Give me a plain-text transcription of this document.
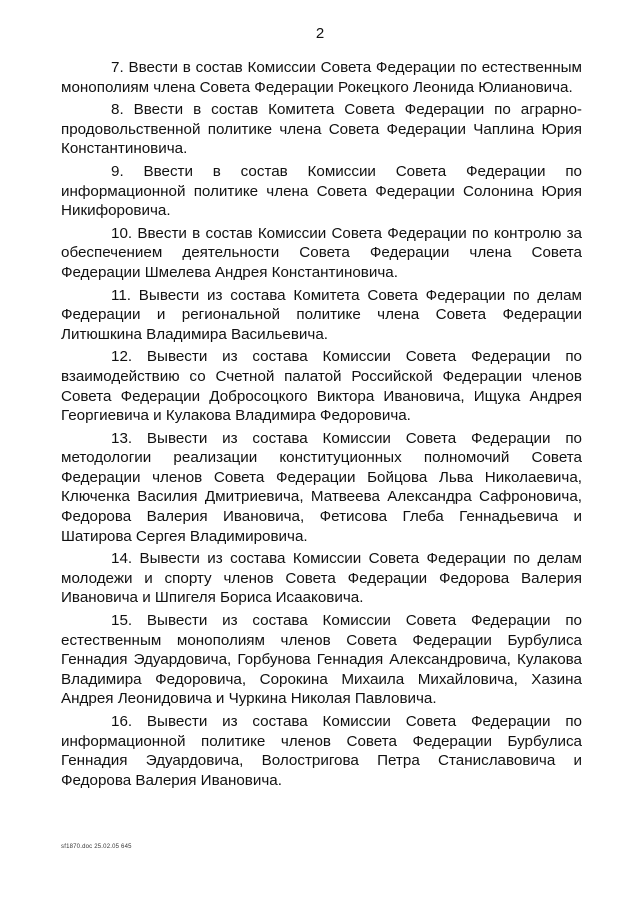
2

7. Ввести в состав Комиссии Совета Федерации по естественным монополиям члена Совета Федерации Рокецкого Леонида Юлиановича.

8. Ввести в состав Комитета Совета Федерации по аграрно-продовольственной политике члена Совета Федерации Чаплина Юрия Константиновича.

9. Ввести в состав Комиссии Совета Федерации по информационной политике члена Совета Федерации Солонина Юрия Никифоровича.

10. Ввести в состав Комиссии Совета Федерации по контролю за обеспечением деятельности Совета Федерации члена Совета Федерации Шмелева Андрея Константиновича.

11. Вывести из состава Комитета Совета Федерации по делам Федерации и региональной политике члена Совета Федерации Литюшкина Владимира Васильевича.

12. Вывести из состава Комиссии Совета Федерации по взаимодействию со Счетной палатой Российской Федерации членов Совета Федерации Добросоцкого Виктора Ивановича, Ищука Андрея Георгиевича и Кулакова Владимира Федоровича.

13. Вывести из состава Комиссии Совета Федерации по методологии реализации конституционных полномочий Совета Федерации членов Совета Федерации Бойцова Льва Николаевича, Ключенка Василия Дмитриевича, Матвеева Александра Сафроновича, Федорова Валерия Ивановича, Фетисова Глеба Геннадьевича и Шатирова Сергея Владимировича.

14. Вывести из состава Комиссии Совета Федерации по делам молодежи и спорту членов Совета Федерации Федорова Валерия Ивановича и Шпигеля Бориса Исааковича.

15. Вывести из состава Комиссии Совета Федерации по естественным монополиям членов Совета Федерации Бурбулиса Геннадия Эдуардовича, Горбунова Геннадия Александровича, Кулакова Владимира Федоровича, Сорокина Михаила Михайловича, Хазина Андрея Леонидовича и Чуркина Николая Павловича.

16. Вывести из состава Комиссии Совета Федерации по информационной политике членов Совета Федерации Бурбулиса Геннадия Эдуардовича, Волостригова Петра Станиславовича и Федорова Валерия Ивановича.

sf1870.doc 25.02.05 645
